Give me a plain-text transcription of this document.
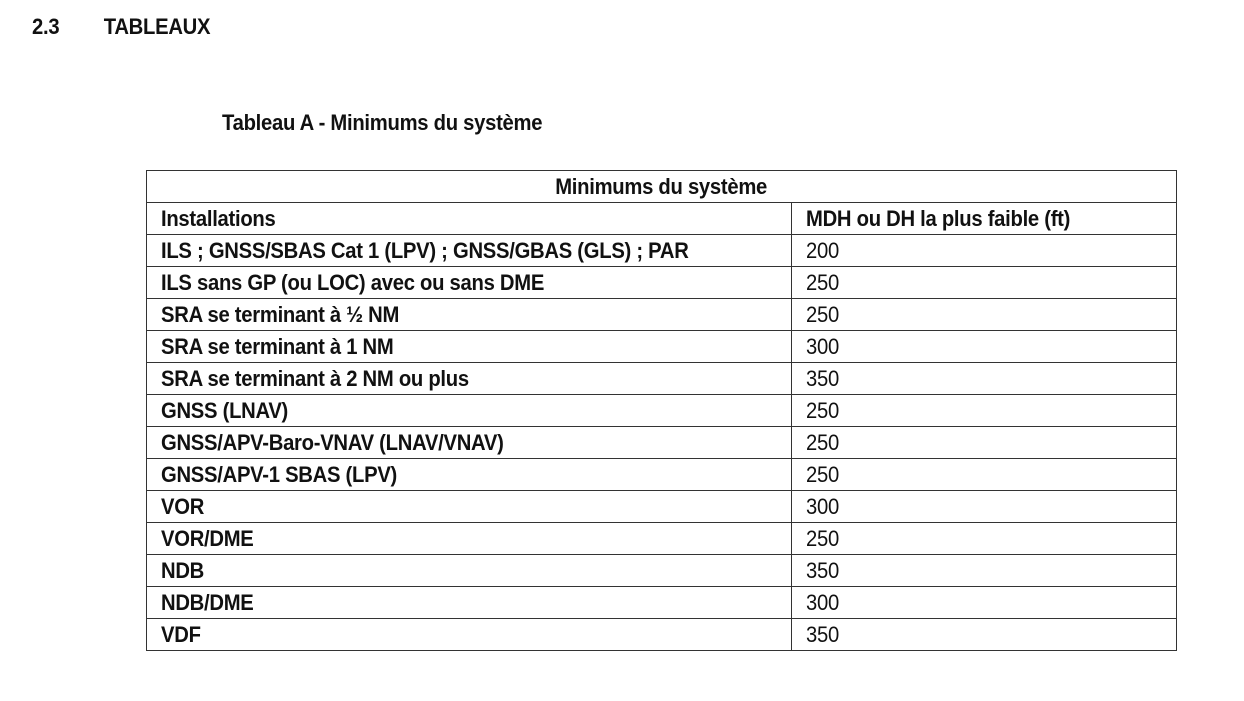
2.3	TABLEAUX
Tableau A - Minimums du système
Minimums du système	
Installations	MDH ou DH la plus faible (ft)
ILS ; GNSS/SBAS Cat 1 (LPV) ; GNSS/GBAS (GLS) ; PAR	200
ILS sans GP (ou LOC) avec ou sans DME	250
SRA se terminant à ½ NM	250
SRA se terminant à 1 NM	300
SRA se terminant à 2 NM ou plus	350
GNSS (LNAV)	250
GNSS/APV-Baro-VNAV (LNAV/VNAV)	250
GNSS/APV-1 SBAS (LPV)	250
VOR	300
VOR/DME	250
NDB	350
NDB/DME	300
VDF	350
